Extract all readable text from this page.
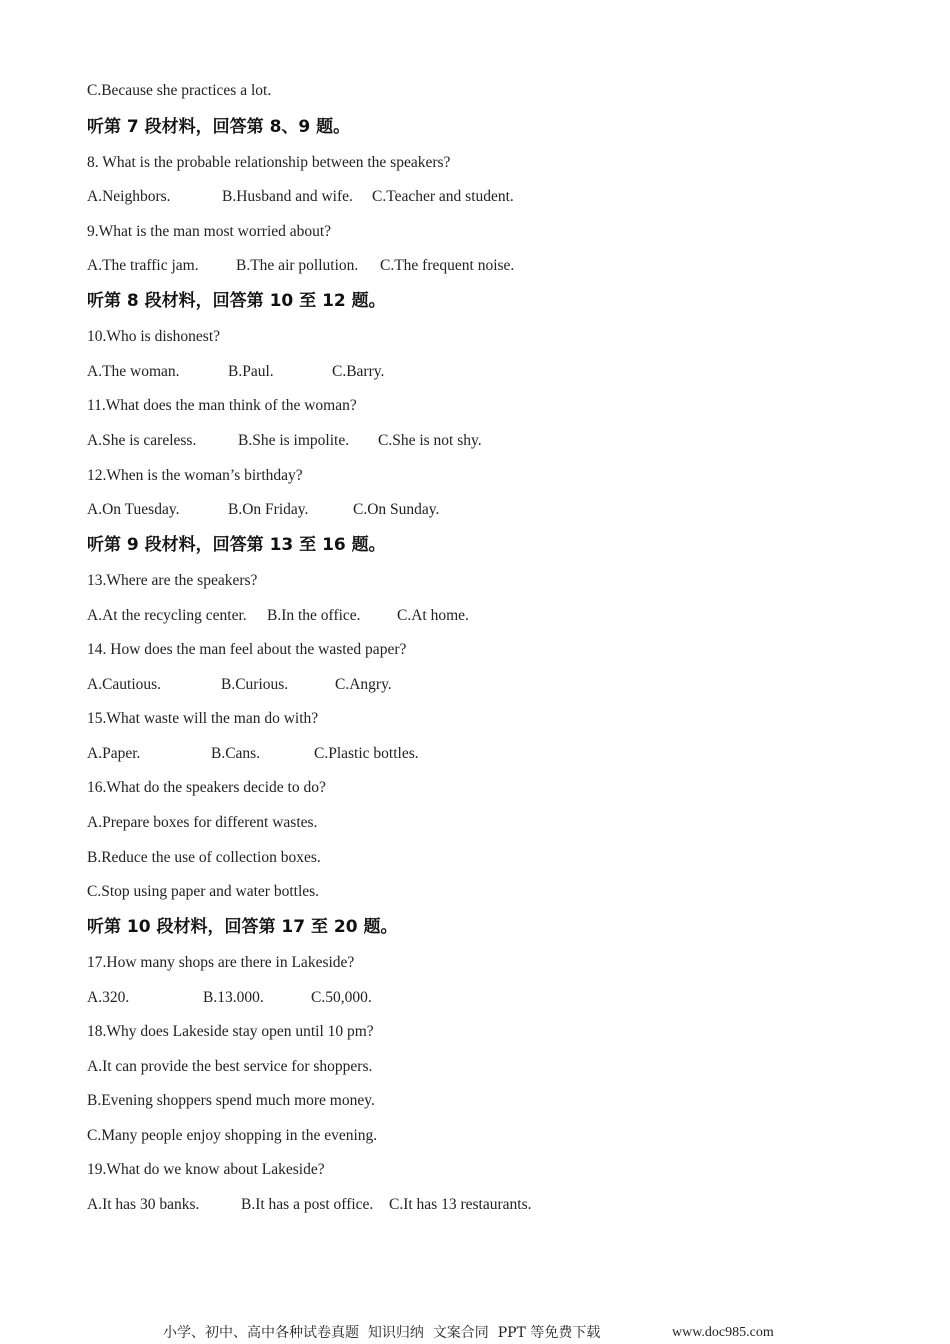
C.Because she practices a lot.
听第 7 段材料，回答第 8、9 题。
8. What is the probable relationship between the speakers?
A.Neighbors.	B.Husband and wife. C.Teacher and student.
9.What is the man most worried about?
A.The traffic jam. B.The air pollution. C.The frequent noise.
听第 8 段材料，回答第 10 至 12 题。
10.Who is dishonest?
A.The woman.	B.Paul.	C.Barry.
11.What does the man think of the woman?
A.She is careless.	B.She is impolite. C.She is not shy.
12.When is the woman’s birthday?
A.On Tuesday.	B.On Friday.	C.On Sunday.
听第 9 段材料，回答第 13 至 16 题。
13.Where are the speakers?
A.At the recycling center. B.In the office. C.At home.
14. How does the man feel about the wasted paper?
A.Cautious.	B.Curious.	C.Angry.
15.What waste will the man do with?
A.Paper.	B.Cans.	C.Plastic bottles.
16.What do the speakers decide to do?
A.Prepare boxes for different wastes.
B.Reduce the use of collection boxes.
C.Stop using paper and water bottles.
听第 10 段材料，回答第 17 至 20 题。
17.How many shops are there in Lakeside?
A.320.	B.13.000.	C.50,000.
18.Why does Lakeside stay open until 10 pm?
A.It can provide the best service for shoppers.
B.Evening shoppers spend much more money.
C.Many people enjoy shopping in the evening.
19.What do we know about Lakeside?
A.It has 30 banks.	B.It has a post office. C.It has 13 restaurants.
小学、初中、高中各种试卷真题  知识归纳  文案合同  PPT 等免费下载	www.doc985.com
